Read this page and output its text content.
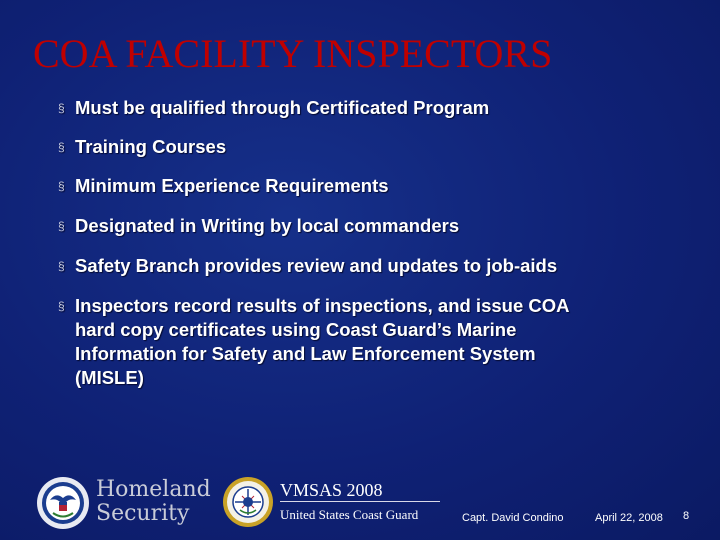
COA FACILITY INSPECTORS
§ Must be qualified through Certificated Program
§ Training Courses
§ Minimum Experience Requirements
§ Designated in Writing by local commanders
§ Safety Branch provides review and updates to job-aids
§ Inspectors record results of inspections, and issue COA
hard copy certificates using Coast Guard’s Marine
Information for Safety and Law Enforcement System
(MISLE)
Homeland
Security
VMSAS 2008
United States Coast Guard	Capt. David Condino	April 22, 2008 8
